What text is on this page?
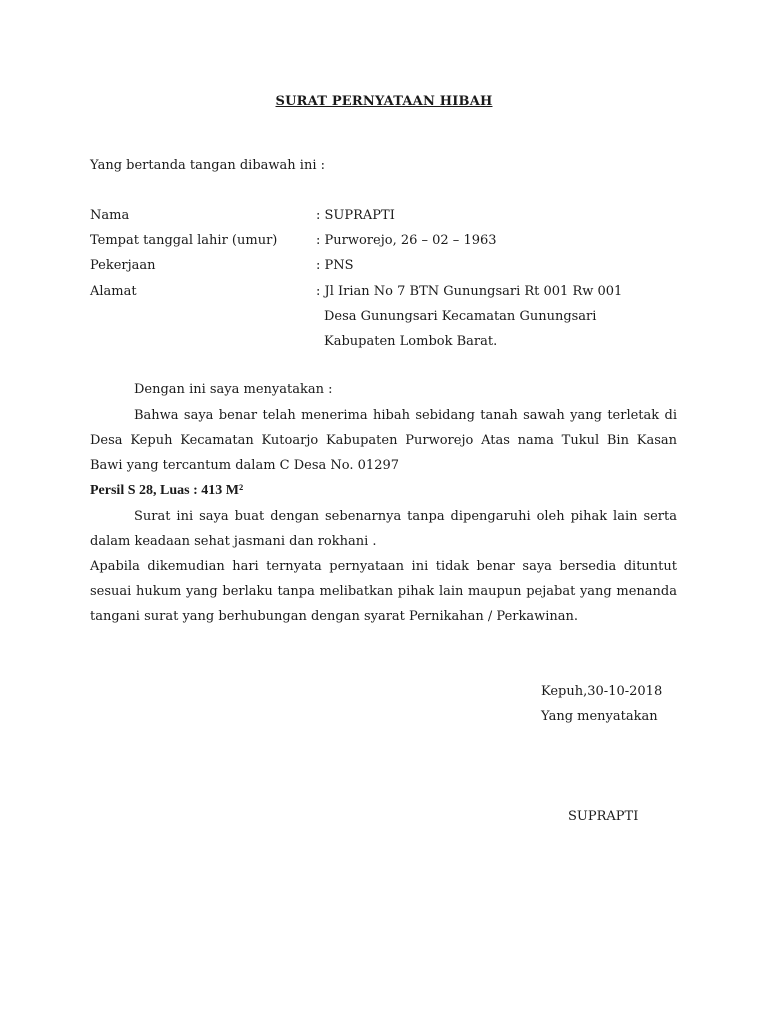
SURAT PERNYATAAN HIBAH
Yang bertanda tangan dibawah ini :
Nama	: SUPRAPTI
Tempat tanggal lahir (umur)	: Purworejo, 26 – 02 – 1963
Pekerjaan	: PNS
Alamat	: Jl Irian No 7 BTN Gunungsari Rt 001 Rw 001
Desa Gunungsari Kecamatan Gunungsari
Kabupaten Lombok Barat.
Dengan ini saya menyatakan :
Bahwa saya benar telah menerima hibah sebidang tanah sawah yang terletak di Desa Kepuh Kecamatan Kutoarjo Kabupaten Purworejo Atas nama Tukul Bin Kasan Bawi yang tercantum dalam C Desa No. 01297
Persil S 28, Luas : 413 M²
Surat ini saya buat dengan sebenarnya tanpa dipengaruhi oleh pihak lain serta dalam keadaan sehat jasmani dan rokhani .
Apabila dikemudian hari ternyata pernyataan ini tidak benar saya bersedia dituntut sesuai hukum yang berlaku tanpa melibatkan pihak lain maupun pejabat yang menanda tangani surat yang berhubungan dengan syarat Pernikahan / Perkawinan.
Kepuh,30-10-2018
Yang menyatakan
SUPRAPTI
